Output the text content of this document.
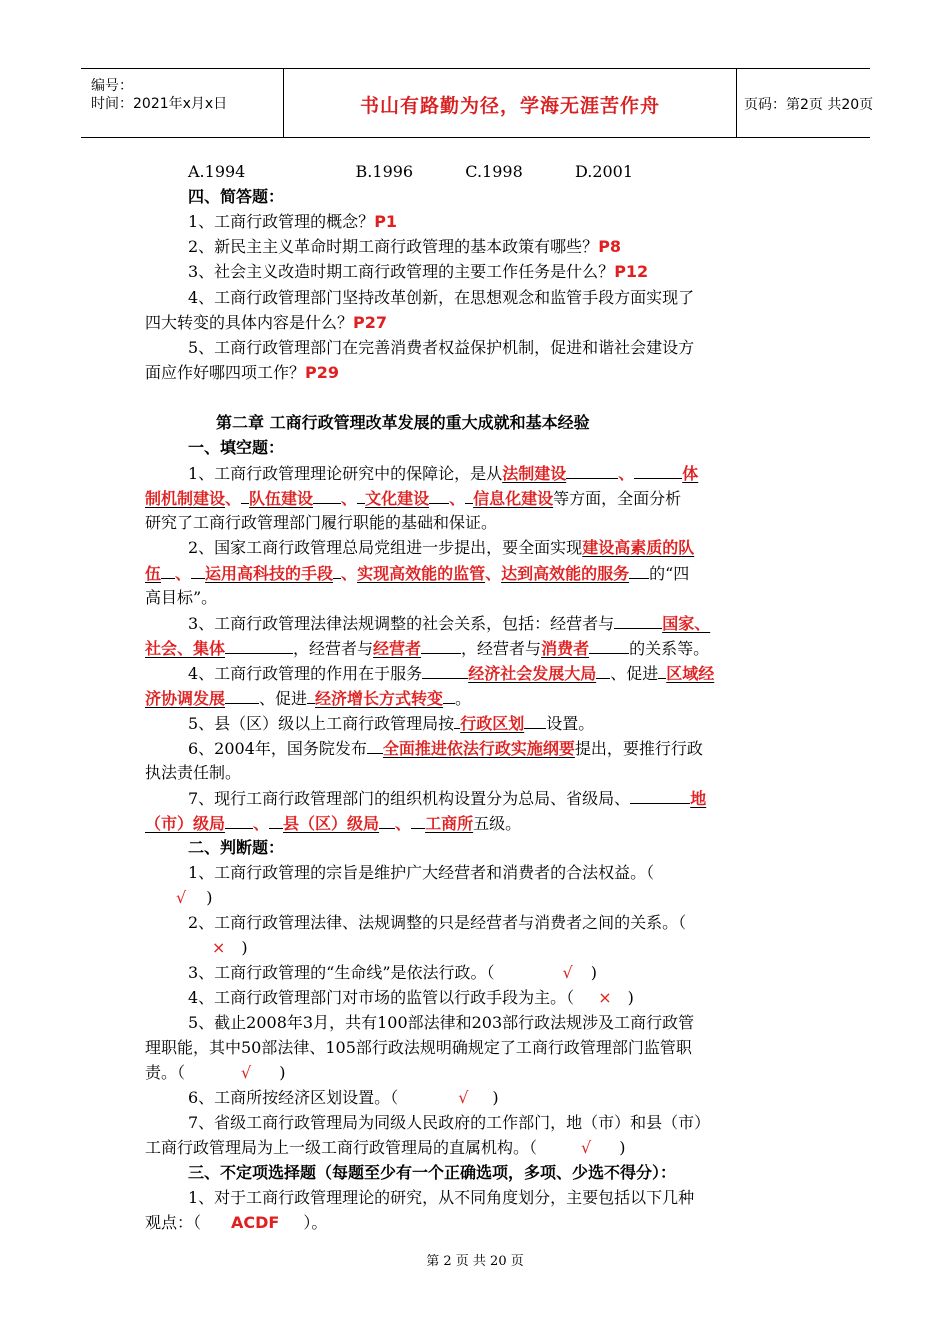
编号：
时间：2021年x月x日	书山有路勤为径，学海无涯苦作舟	页码：第2页 共20页
A.1994	B.1996	C.1998	D.2001
四、简答题：
1、工商行政管理的概念？P1
2、新民主主义革命时期工商行政管理的基本政策有哪些？P8
3、社会主义改造时期工商行政管理的主要工作任务是什么？P12
4、工商行政管理部门坚持改革创新，在思想观念和监管手段方面实现了
四大转变的具体内容是什么？P27
5、工商行政管理部门在完善消费者权益保护机制，促进和谐社会建设方
面应作好哪四项工作？P29
第二章 工商行政管理改革发展的重大成就和基本经验
一、填空题：
1、工商行政管理理论研究中的保障论，是从法制建设	、	体
制机制建设、 队伍建设 、 文化建设 、 信息化建设等方面，全面分析
研究了工商行政管理部门履行职能的基础和保证。
2、国家工商行政管理总局党组进一步提出，要全面实现建设高素质的队
伍 、 运用高科技的手段 、实现高效能的监管、达到高效能的服务 的“四
高目标”。
3、工商行政管理法律法规调整的社会关系，包括：经营者与	国家、
社会、集体	，经营者与经营者	，经营者与消费者	的关系等。
4、工商行政管理的作用在于服务	经济社会发展大局 、促进 区域经
济协调发展 、促进 经济增长方式转变 。
5、县（区）级以上工商行政管理局按 行政区划 设置。
6、2004年，国务院发布 全面推进依法行政实施纲要提出，要推行行政
执法责任制。
7、现行工商行政管理部门的组织机构设置分为总局、省级局、	地
（市）级局 、 县（区）级局 、 工商所五级。
二、判断题：
1、工商行政管理的宗旨是维护广大经营者和消费者的合法权益。（
√ )
2、工商行政管理法律、法规调整的只是经营者与消费者之间的关系。（
× )
3、工商行政管理的“生命线”是依法行政。（	√ )
4、工商行政管理部门对市场的监管以行政手段为主。（ × )
5、截止2008年3月，共有100部法律和203部行政法规涉及工商行政管
理职能，其中50部法律、105部行政法规明确规定了工商行政管理部门监管职
责。（	√ )
6、工商所按经济区划设置。（	√ )
7、省级工商行政管理局为同级人民政府的工作部门，地（市）和县（市）
工商行政管理局为上一级工商行政管理局的直属机构。（	√ )
三、不定项选择题（每题至少有一个正确选项，多项、少选不得分）：
1、对于工商行政管理理论的研究，从不同角度划分，主要包括以下几种
观点：（ ACDF ）。
第 2 页 共 20 页
